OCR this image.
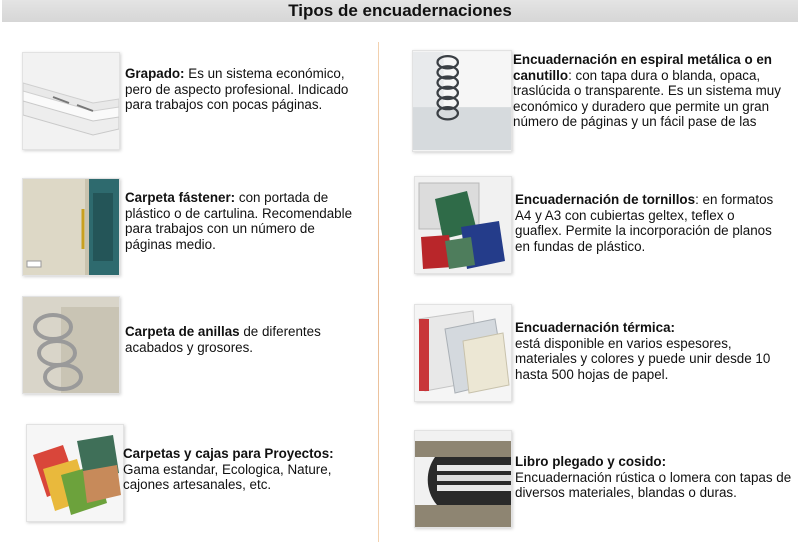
Tipos de encuadernaciones
Grapado: Es un sistema económico, pero de aspecto profesional. Indicado para trabajos con pocas páginas.
Carpeta fástener: con portada de plástico o de cartulina. Recomendable para trabajos con un número de páginas medio.
Carpeta de anillas de diferentes acabados y grosores.
Carpetas y cajas para Proyectos: Gama estandar, Ecologica, Nature, cajones artesanales, etc.
Encuadernación en espiral metálica o en canutillo: con tapa dura o blanda, opaca, traslúcida o transparente. Es un sistema muy económico y duradero que permite un gran número de páginas y un fácil pase de las
Encuadernación de tornillos: en formatos A4 y A3 con cubiertas geltex, teflex o guaflex. Permite la incorporación de planos en fundas de plástico.
Encuadernación térmica:
está disponible en varios espesores, materiales y colores y puede unir desde 10 hasta 500 hojas de papel.
Libro plegado y cosido:
Encuadernación rústica o lomera con tapas de diversos materiales, blandas o duras.
